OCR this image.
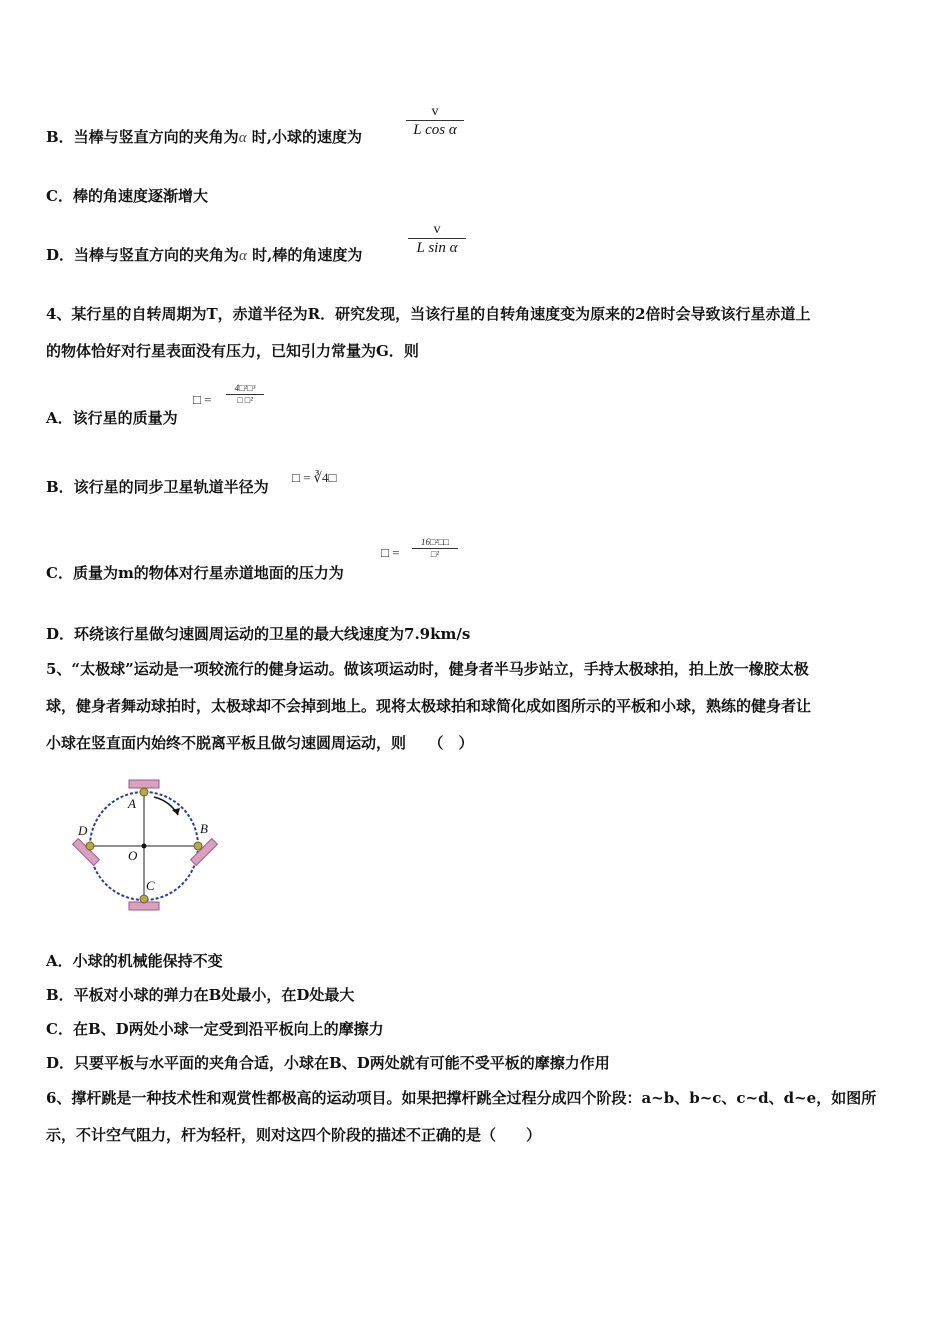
B．当棒与竖直方向的夹角为α 时,小球的速度为
v
L cos α
C．棒的角速度逐渐增大
D．当棒与竖直方向的夹角为α 时,棒的角速度为
v
L sin α
4、某行星的自转周期为T，赤道半径为R．研究发现，当该行星的自转角速度变为原来的2倍时会导致该行星赤道上
的物体恰好对行星表面没有压力，已知引力常量为G．则
A．该行星的质量为
□ =
4□²□³
□ □²
B．该行星的同步卫星轨道半径为
□ = ∛4□
C．质量为m的物体对行星赤道地面的压力为
□ =
16□²□□
□²
D．环绕该行星做匀速圆周运动的卫星的最大线速度为7.9km/s
5、“太极球”运动是一项较流行的健身运动。做该项运动时，健身者半马步站立，手持太极球拍，拍上放一橡胶太极
球，健身者舞动球拍时，太极球却不会掉到地上。现将太极球拍和球简化成如图所示的平板和小球，熟练的健身者让
小球在竖直面内始终不脱离平板且做匀速圆周运动，则　　（　）
A
B
C
D
O
A．小球的机械能保持不变
B．平板对小球的弹力在B处最小，在D处最大
C．在B、D两处小球一定受到沿平板向上的摩擦力
D．只要平板与水平面的夹角合适，小球在B、D两处就有可能不受平板的摩擦力作用
6、撑杆跳是一种技术性和观赏性都极高的运动项目。如果把撑杆跳全过程分成四个阶段：a~b、b~c、c~d、d~e，如图所
示，不计空气阻力，杆为轻杆，则对这四个阶段的描述不正确的是（　　）
